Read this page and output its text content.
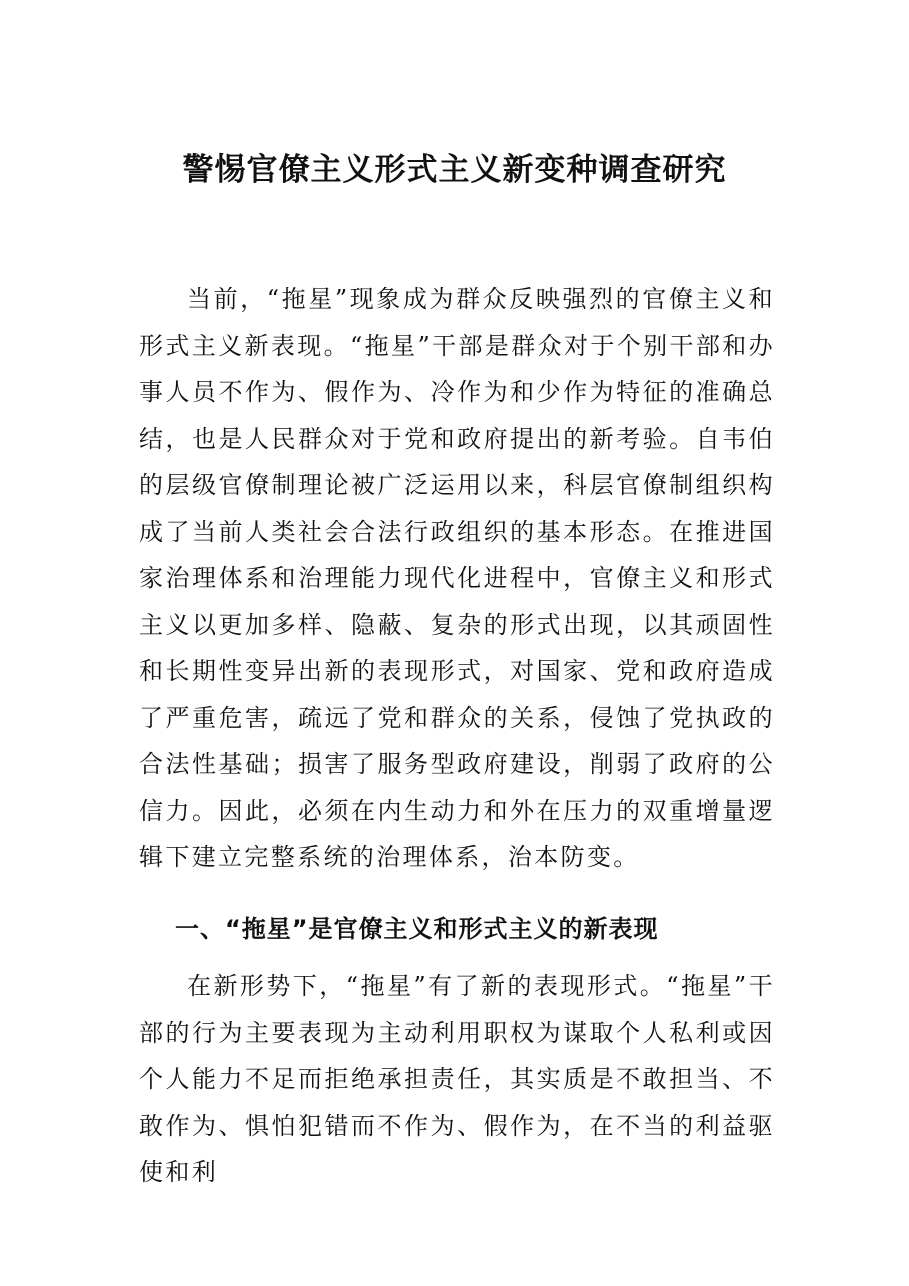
警惕官僚主义形式主义新变种调查研究

当前，“拖星”现象成为群众反映强烈的官僚主义和形式主义新表现。“拖星”干部是群众对于个别干部和办事人员不作为、假作为、冷作为和少作为特征的准确总结，也是人民群众对于党和政府提出的新考验。自韦伯的层级官僚制理论被广泛运用以来，科层官僚制组织构成了当前人类社会合法行政组织的基本形态。在推进国家治理体系和治理能力现代化进程中，官僚主义和形式主义以更加多样、隐蔽、复杂的形式出现，以其顽固性和长期性变异出新的表现形式，对国家、党和政府造成了严重危害，疏远了党和群众的关系，侵蚀了党执政的合法性基础；损害了服务型政府建设，削弱了政府的公信力。因此，必须在内生动力和外在压力的双重增量逻辑下建立完整系统的治理体系，治本防变。

一、“拖星”是官僚主义和形式主义的新表现

在新形势下，“拖星”有了新的表现形式。“拖星”干部的行为主要表现为主动利用职权为谋取个人私利或因个人能力不足而拒绝承担责任，其实质是不敢担当、不敢作为、惧怕犯错而不作为、假作为，在不当的利益驱使和利
